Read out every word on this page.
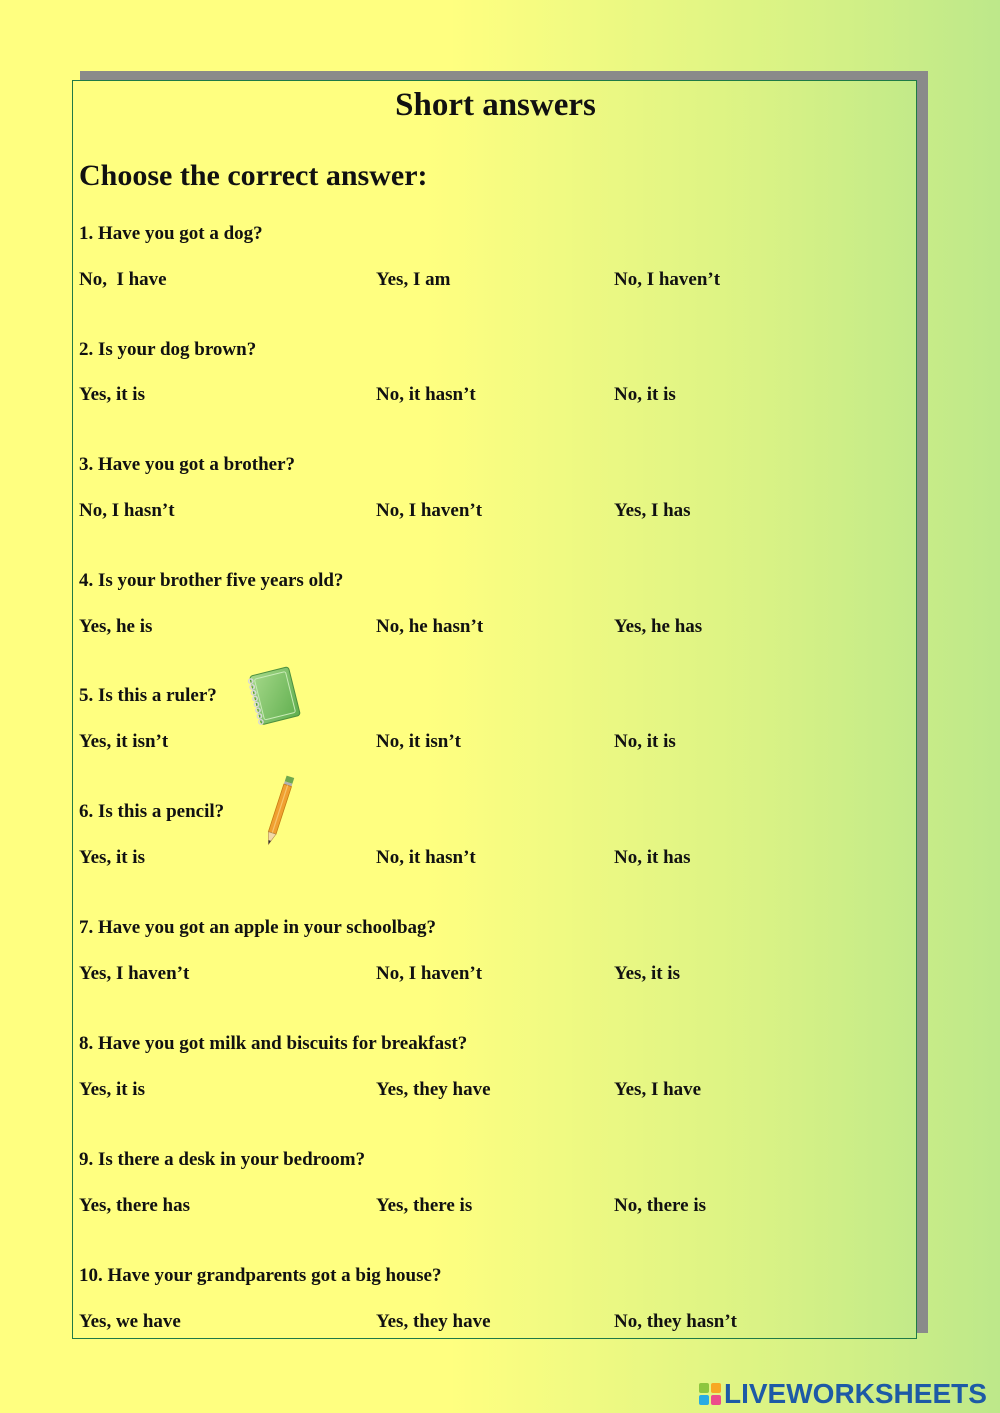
Short answers
Choose the correct answer:
1. Have you got a dog?
No,  I have	Yes, I am	No, I haven’t
2. Is your dog brown?
Yes, it is	No, it hasn’t	No, it is
3. Have you got a brother?
No, I hasn’t	No, I haven’t	Yes, I has
4. Is your brother five years old?
Yes, he is	No, he hasn’t	Yes, he has
5. Is this a ruler?
Yes, it isn’t	No, it isn’t	No, it is
6. Is this a pencil?
Yes, it is	No, it hasn’t	No, it has
7. Have you got an apple in your schoolbag?
Yes, I haven’t	No, I haven’t	Yes, it is
8. Have you got milk and biscuits for breakfast?
Yes, it is	Yes, they have	Yes, I have
9. Is there a desk in your bedroom?
Yes, there has	Yes, there is	No, there is
10. Have your grandparents got a big house?
Yes, we have	Yes, they have	No, they hasn’t
LIVEWORKSHEETS
